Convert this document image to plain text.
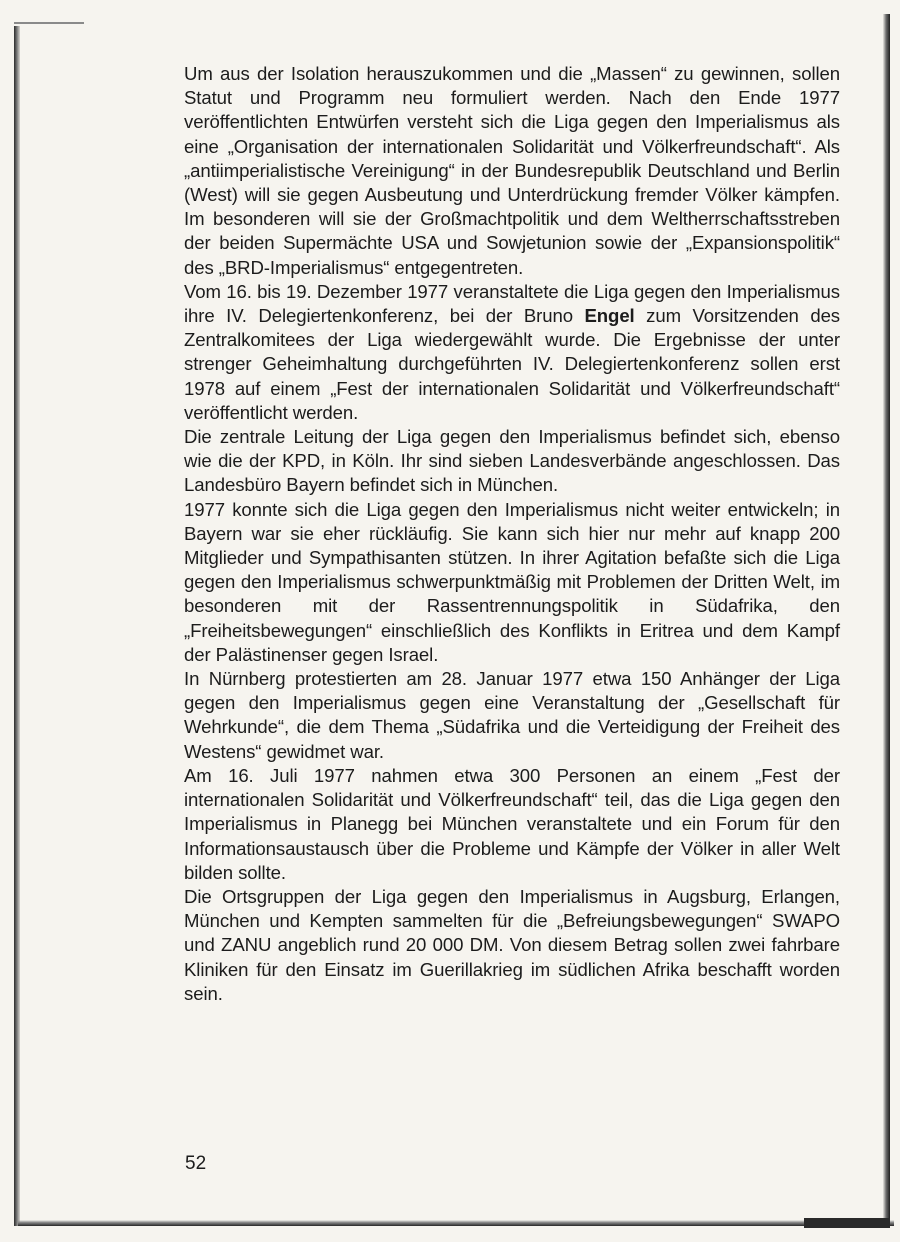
Um aus der Isolation herauszukommen und die „Massen“ zu gewinnen, sollen Statut und Programm neu formuliert werden. Nach den Ende 1977 veröffentlichten Entwürfen versteht sich die Liga gegen den Imperialismus als eine „Organisation der internationalen Solidarität und Völkerfreundschaft“. Als „antiimperialistische Vereinigung“ in der Bundesrepublik Deutschland und Berlin (West) will sie gegen Ausbeutung und Unterdrückung fremder Völker kämpfen. Im besonderen will sie der Großmachtpolitik und dem Weltherrschaftsstreben der beiden Supermächte USA und Sowjetunion sowie der „Expansionspolitik“ des „BRD-Imperialismus“ entgegentreten.

Vom 16. bis 19. Dezember 1977 veranstaltete die Liga gegen den Imperialismus ihre IV. Delegiertenkonferenz, bei der Bruno Engel zum Vorsitzenden des Zentralkomitees der Liga wiedergewählt wurde. Die Ergebnisse der unter strenger Geheimhaltung durchgeführten IV. Delegiertenkonferenz sollen erst 1978 auf einem „Fest der internationalen Solidarität und Völkerfreundschaft“ veröffentlicht werden.

Die zentrale Leitung der Liga gegen den Imperialismus befindet sich, ebenso wie die der KPD, in Köln. Ihr sind sieben Landesverbände angeschlossen. Das Landesbüro Bayern befindet sich in München.

1977 konnte sich die Liga gegen den Imperialismus nicht weiter entwickeln; in Bayern war sie eher rückläufig. Sie kann sich hier nur mehr auf knapp 200 Mitglieder und Sympathisanten stützen. In ihrer Agitation befaßte sich die Liga gegen den Imperialismus schwerpunktmäßig mit Problemen der Dritten Welt, im besonderen mit der Rassentrennungspolitik in Südafrika, den „Freiheitsbewegungen“ einschließlich des Konflikts in Eritrea und dem Kampf der Palästinenser gegen Israel.

In Nürnberg protestierten am 28. Januar 1977 etwa 150 Anhänger der Liga gegen den Imperialismus gegen eine Veranstaltung der „Gesellschaft für Wehrkunde“, die dem Thema „Südafrika und die Verteidigung der Freiheit des Westens“ gewidmet war.

Am 16. Juli 1977 nahmen etwa 300 Personen an einem „Fest der internationalen Solidarität und Völkerfreundschaft“ teil, das die Liga gegen den Imperialismus in Planegg bei München veranstaltete und ein Forum für den Informationsaustausch über die Probleme und Kämpfe der Völker in aller Welt bilden sollte.

Die Ortsgruppen der Liga gegen den Imperialismus in Augsburg, Erlangen, München und Kempten sammelten für die „Befreiungsbewegungen“ SWAPO und ZANU angeblich rund 20 000 DM. Von diesem Betrag sollen zwei fahrbare Kliniken für den Einsatz im Guerillakrieg im südlichen Afrika beschafft worden sein.

52
